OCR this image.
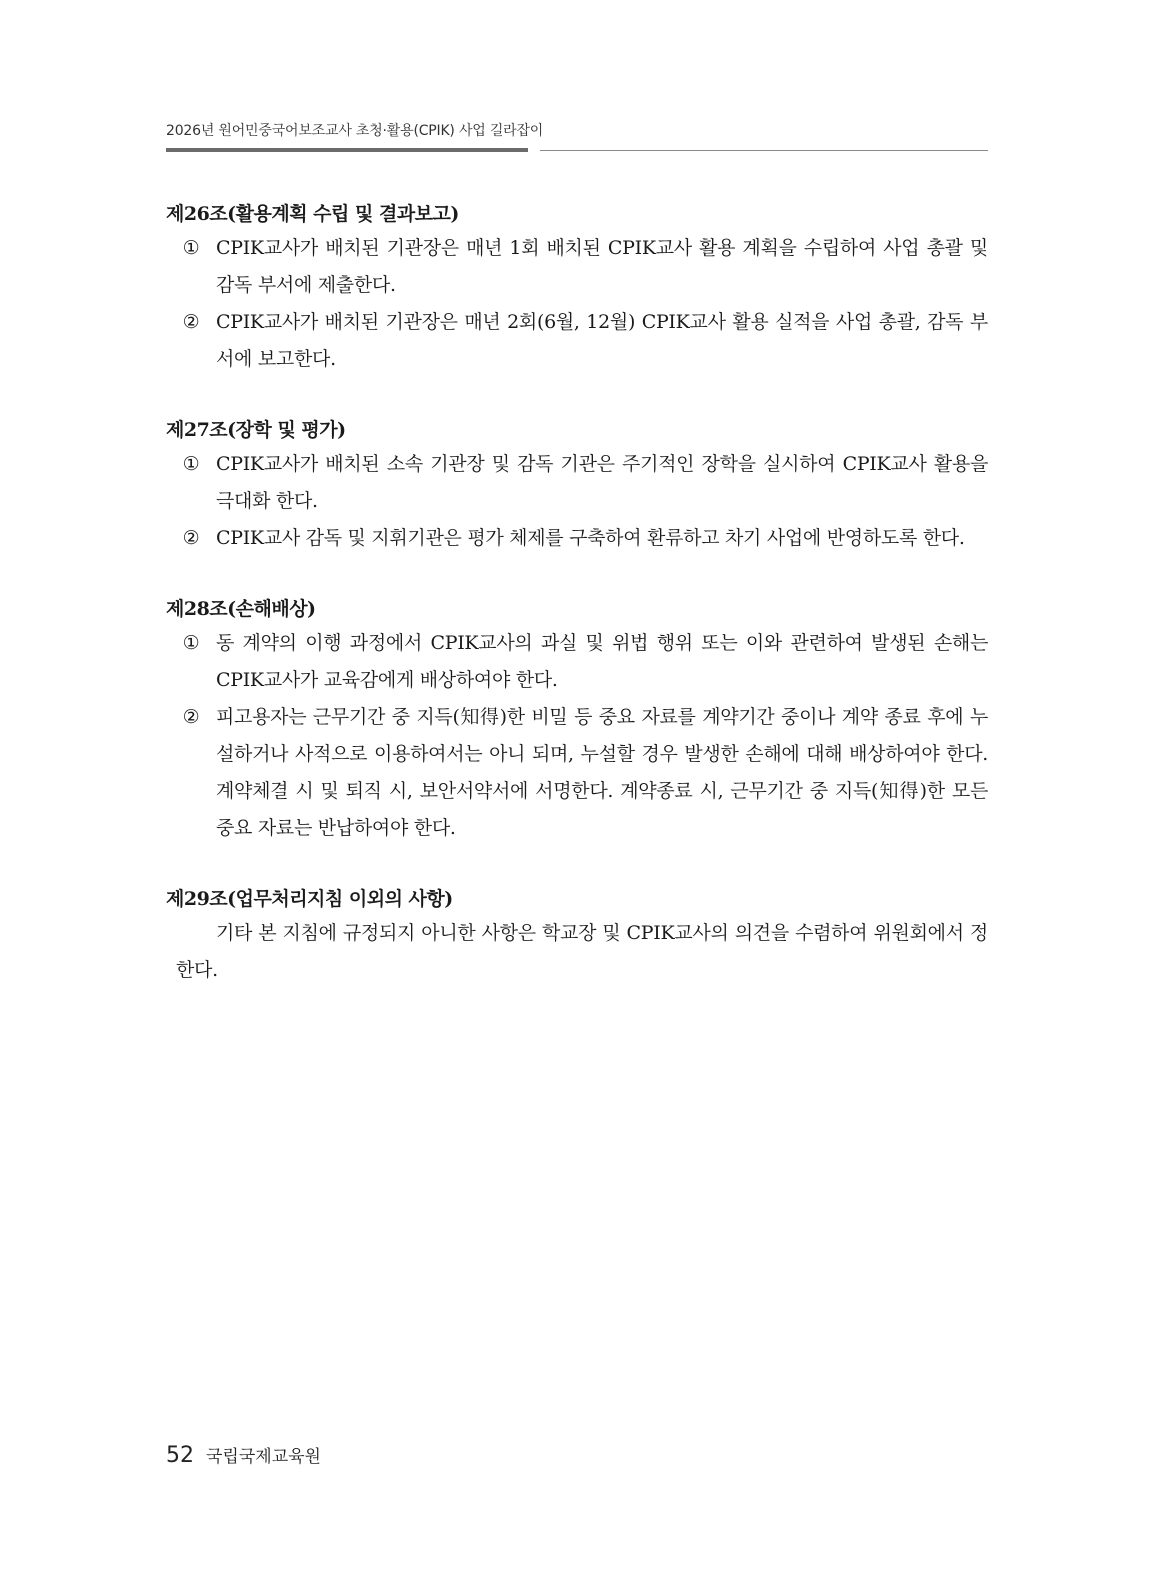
2026년 원어민중국어보조교사 초청·활용(CPIK) 사업 길라잡이
제26조(활용계획 수립 및 결과보고)
① CPIK교사가 배치된 기관장은 매년 1회 배치된 CPIK교사 활용 계획을 수립하여 사업 총괄 및 감독 부서에 제출한다.
② CPIK교사가 배치된 기관장은 매년 2회(6월, 12월) CPIK교사 활용 실적을 사업 총괄, 감독 부서에 보고한다.
제27조(장학 및 평가)
① CPIK교사가 배치된 소속 기관장 및 감독 기관은 주기적인 장학을 실시하여 CPIK교사 활용을 극대화 한다.
② CPIK교사 감독 및 지휘기관은 평가 체제를 구축하여 환류하고 차기 사업에 반영하도록 한다.
제28조(손해배상)
① 동 계약의 이행 과정에서 CPIK교사의 과실 및 위법 행위 또는 이와 관련하여 발생된 손해는 CPIK교사가 교육감에게 배상하여야 한다.
② 피고용자는 근무기간 중 지득(知得)한 비밀 등 중요 자료를 계약기간 중이나 계약 종료 후에 누설하거나 사적으로 이용하여서는 아니 되며, 누설할 경우 발생한 손해에 대해 배상하여야 한다. 계약체결 시 및 퇴직 시, 보안서약서에 서명한다. 계약종료 시, 근무기간 중 지득(知得)한 모든 중요 자료는 반납하여야 한다.
제29조(업무처리지침 이외의 사항)

기타 본 지침에 규정되지 아니한 사항은 학교장 및 CPIK교사의 의견을 수렴하여 위원회에서 정한다.

52 국립국제교육원
